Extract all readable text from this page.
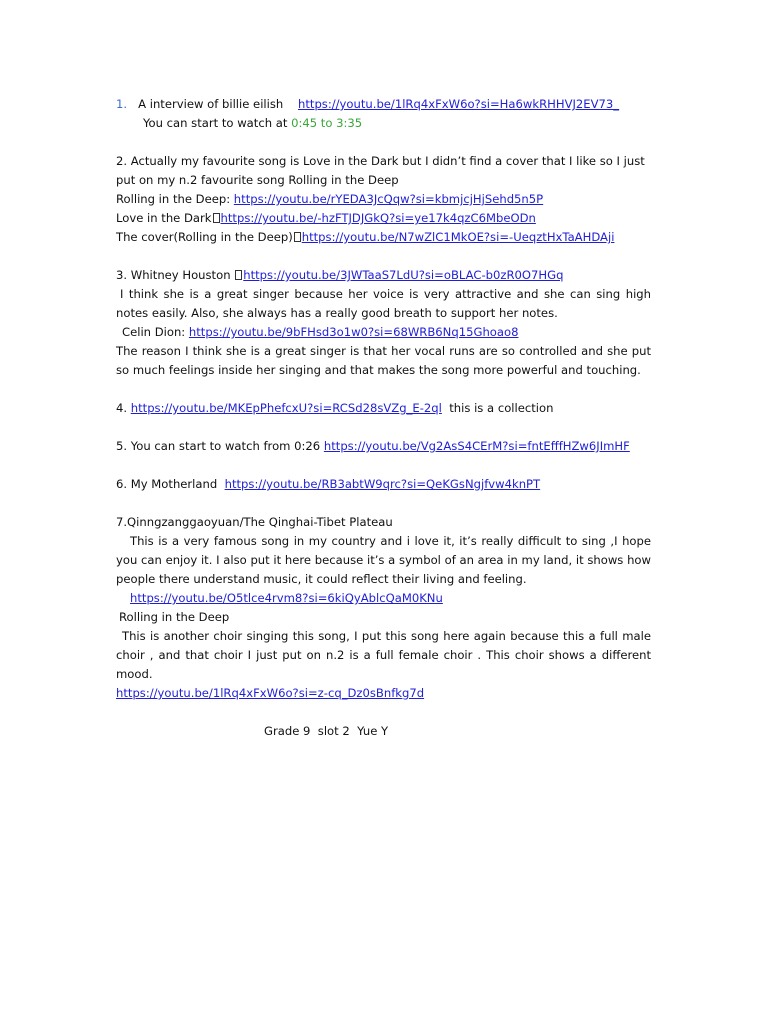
1. A interview of billie eilish https://youtu.be/1lRq4xFxW6o?si=Ha6wkRHHVJ2EV73_
You can start to watch at 0:45 to 3:35
2. Actually my favourite song is Love in the Dark but I didn’t find a cover that I like so I just put on my n.2 favourite song Rolling in the Deep
Rolling in the Deep: https://youtu.be/rYEDA3JcQqw?si=kbmjcjHjSehd5n5P
Love in the Dark https://youtu.be/-hzFTJDJGkQ?si=ye17k4qzC6MbeODn
The cover(Rolling in the Deep) https://youtu.be/N7wZlC1MkOE?si=-UeqztHxTaAHDAji
3. Whitney Houston https://youtu.be/3JWTaaS7LdU?si=oBLAC-b0zR0O7HGq
I think she is a great singer because her voice is very attractive and she can sing high notes easily. Also, she always has a really good breath to support her notes.
Celin Dion: https://youtu.be/9bFHsd3o1w0?si=68WRB6Nq15Ghoao8
The reason I think she is a great singer is that her vocal runs are so controlled and she put so much feelings inside her singing and that makes the song more powerful and touching.
4. https://youtu.be/MKEpPhefcxU?si=RCSd28sVZg_E-2ql this is a collection
5. You can start to watch from 0:26 https://youtu.be/Vg2AsS4CErM?si=fntEfffHZw6JImHF
6. My Motherland https://youtu.be/RB3abtW9qrc?si=QeKGsNgjfvw4knPT
7.Qinngzanggaoyuan/The Qinghai-Tibet Plateau
This is a very famous song in my country and i love it, it’s really difficult to sing ,I hope you can enjoy it. I also put it here because it’s a symbol of an area in my land, it shows how people there understand music, it could reflect their living and feeling.
https://youtu.be/O5tlce4rvm8?si=6kiQyAblcQaM0KNu
Rolling in the Deep
This is another choir singing this song, I put this song here again because this a full male choir , and that choir I just put on n.2 is a full female choir . This choir shows a different mood.
https://youtu.be/1lRq4xFxW6o?si=z-cq_Dz0sBnfkg7d
Grade 9  slot 2  Yue Y
